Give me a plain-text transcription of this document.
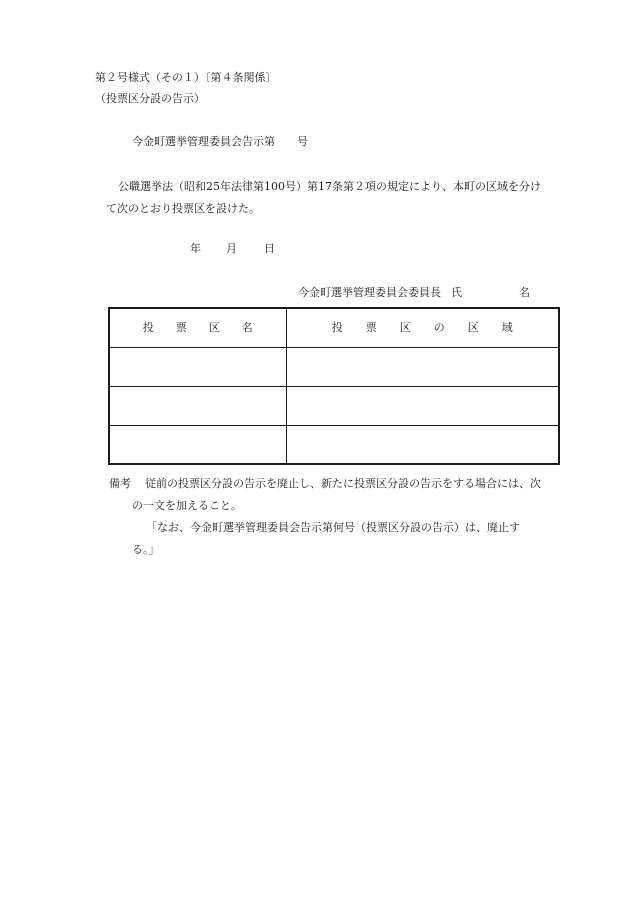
第２号様式（その１）〔第４条関係〕
（投票区分設の告示）
今金町選挙管理委員会告示第　　号
公職選挙法（昭和25年法律第100号）第17条第２項の規定により、本町の区域を分け
て次のとおり投票区を設けた。
年 月 日
今金町選挙管理委員会委員長 氏	名
投票区名	投票区の区域

備考 従前の投票区分設の告示を廃止し、新たに投票区分設の告示をする場合には、次
の一文を加えること。
「なお、今金町選挙管理委員会告示第何号（投票区分設の告示）は、廃止す
る。」
